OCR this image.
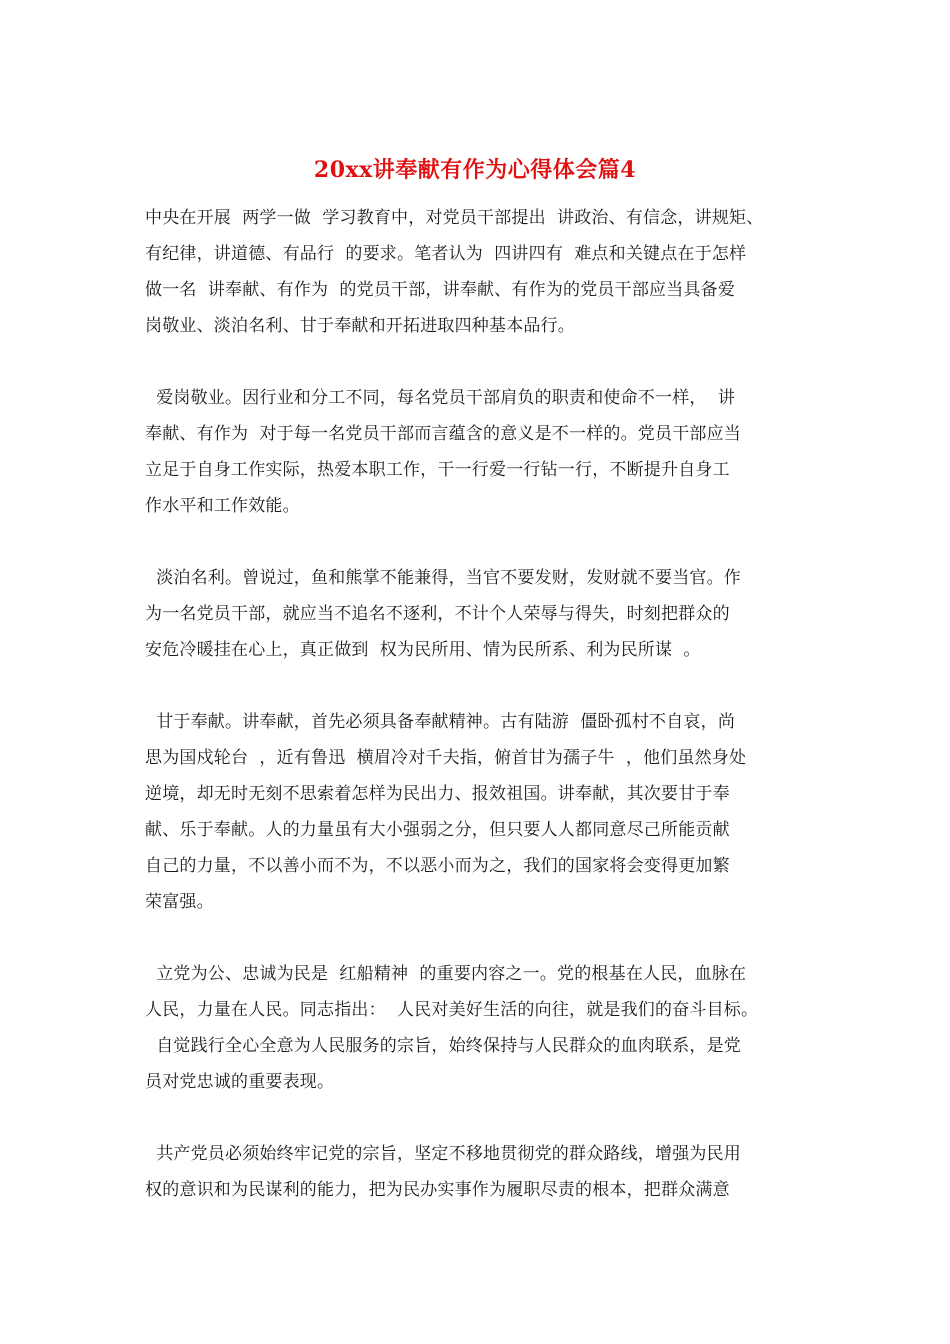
20xx讲奉献有作为心得体会篇4
中央在开展  两学一做  学习教育中，对党员干部提出  讲政治、有信念，讲规矩、
有纪律，讲道德、有品行  的要求。笔者认为  四讲四有  难点和关键点在于怎样
做一名  讲奉献、有作为  的党员干部，讲奉献、有作为的党员干部应当具备爱
岗敬业、淡泊名利、甘于奉献和开拓进取四种基本品行。
爱岗敬业。因行业和分工不同，每名党员干部肩负的职责和使命不一样，  讲
奉献、有作为  对于每一名党员干部而言蕴含的意义是不一样的。党员干部应当
立足于自身工作实际，热爱本职工作，干一行爱一行钻一行，不断提升自身工
作水平和工作效能。
淡泊名利。曾说过，鱼和熊掌不能兼得，当官不要发财，发财就不要当官。作
为一名党员干部，就应当不追名不逐利，不计个人荣辱与得失，时刻把群众的
安危冷暖挂在心上，真正做到  权为民所用、情为民所系、利为民所谋  。
甘于奉献。讲奉献，首先必须具备奉献精神。古有陆游  僵卧孤村不自哀，尚
思为国戍轮台  ，近有鲁迅  横眉冷对千夫指，俯首甘为孺子牛  ，他们虽然身处
逆境，却无时无刻不思索着怎样为民出力、报效祖国。讲奉献，其次要甘于奉
献、乐于奉献。人的力量虽有大小强弱之分，但只要人人都同意尽己所能贡献
自己的力量，不以善小而不为，不以恶小而为之，我们的国家将会变得更加繁
荣富强。
立党为公、忠诚为民是  红船精神  的重要内容之一。党的根基在人民，血脉在
人民，力量在人民。同志指出：  人民对美好生活的向往，就是我们的奋斗目标。
自觉践行全心全意为人民服务的宗旨，始终保持与人民群众的血肉联系，是党
员对党忠诚的重要表现。
共产党员必须始终牢记党的宗旨，坚定不移地贯彻党的群众路线，增强为民用
权的意识和为民谋利的能力，把为民办实事作为履职尽责的根本，把群众满意
